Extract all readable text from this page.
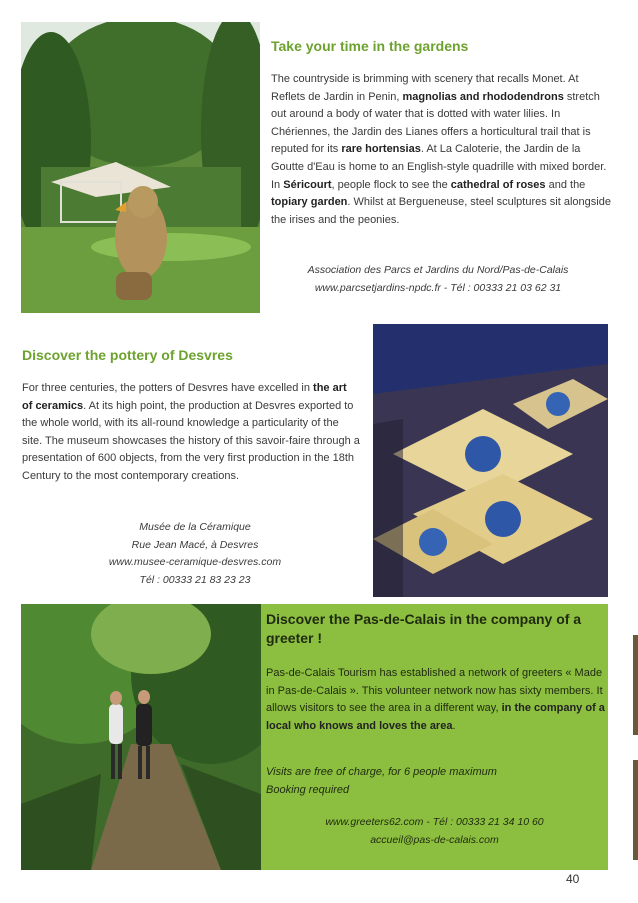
Take your time in the gardens

The countryside is brimming with scenery that recalls Monet. At Reflets de Jardin in Penin, magnolias and rhododendrons stretch out around a body of water that is dotted with water lilies. In Chériennes, the Jardin des Lianes offers a horticultural trail that is reputed for its rare hortensias. At La Caloterie, the Jardin de la Goutte d'Eau is home to an English-style quadrille with mixed border. In Séricourt, people flock to see the cathedral of roses and the topiary garden. Whilst at Bergueneuse, steel sculptures sit alongside the irises and the peonies.

Association des Parcs et Jardins du Nord/Pas-de-Calais
www.parcsetjardins-npdc.fr - Tél : 00333 21 03 62 31
Discover the pottery of Desvres

For three centuries, the potters of Desvres have excelled in the art of ceramics. At its high point, the production at Desvres exported to the whole world, with its all-round knowledge a particularity of the site. The museum showcases the history of this savoir-faire through a presentation of 600 objects, from the very first production in the 18th Century to the most contemporary creations.

Musée de la Céramique
Rue Jean Macé, à Desvres
www.musee-ceramique-desvres.com
Tél : 00333 21 83 23 23
Discover the Pas-de-Calais in the company of a greeter !

Pas-de-Calais Tourism has established a network of greeters « Made in Pas-de-Calais ». This volunteer network now has sixty members. It allows visitors to see the area in a different way, in the company of a local who knows and loves the area.

Visits are free of charge, for 6 people maximum
Booking required

www.greeters62.com - Tél : 00333 21 34 10 60
accueil@pas-de-calais.com
40
